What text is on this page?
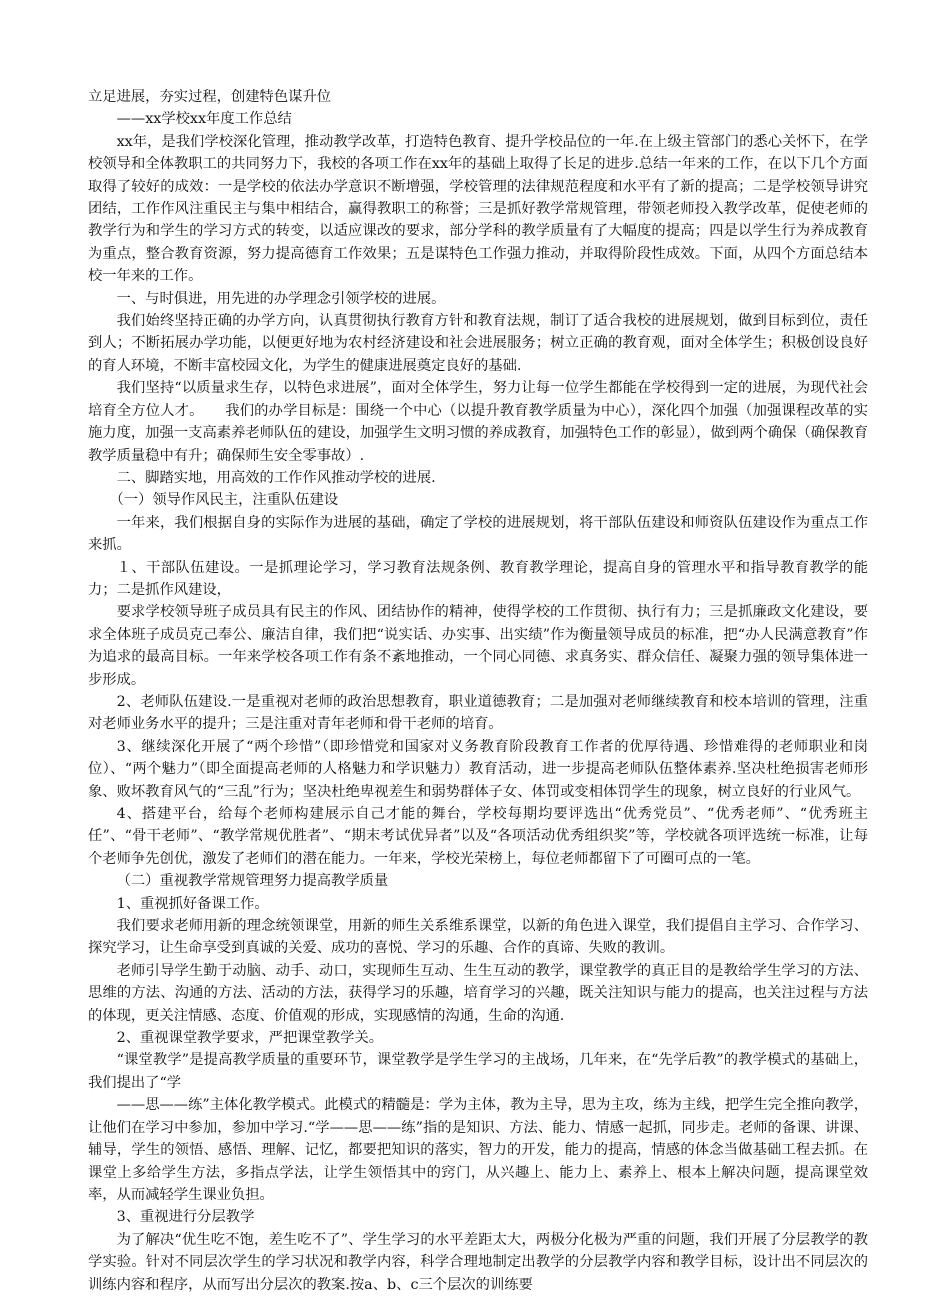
立足进展，夯实过程，创建特色谋升位

——xx学校xx年度工作总结

xx年，是我们学校深化管理，推动教学改革，打造特色教育、提升学校品位的一年.在上级主管部门的悉心关怀下，在学校领导和全体教职工的共同努力下，我校的各项工作在xx年的基础上取得了长足的进步.总结一年来的工作，在以下几个方面取得了较好的成效：一是学校的依法办学意识不断增强，学校管理的法律规范程度和水平有了新的提高；二是学校领导讲究团结，工作作风注重民主与集中相结合，赢得教职工的称誉；三是抓好教学常规管理，带领老师投入教学改革，促使老师的教学行为和学生的学习方式的转变，以适应课改的要求，部分学科的教学质量有了大幅度的提高；四是以学生行为养成教育为重点，整合教育资源，努力提高德育工作效果；五是谋特色工作强力推动，并取得阶段性成效。下面，从四个方面总结本校一年来的工作。

一、与时俱进，用先进的办学理念引领学校的进展。

我们始终坚持正确的办学方向，认真贯彻执行教育方针和教育法规，制订了适合我校的进展规划，做到目标到位，责任到人；不断拓展办学功能，以便更好地为农村经济建设和社会进展服务；树立正确的教育观，面对全体学生；积极创设良好的育人环境，不断丰富校园文化，为学生的健康进展奠定良好的基础.

我们坚持“以质量求生存，以特色求进展”，面对全体学生，努力让每一位学生都能在学校得到一定的进展，为现代社会培育全方位人才。　　我们的办学目标是：围绕一个中心（以提升教育教学质量为中心），深化四个加强（加强课程改革的实施力度，加强一支高素养老师队伍的建设，加强学生文明习惯的养成教育，加强特色工作的彰显），做到两个确保（确保教育教学质量稳中有升；确保师生安全零事故）.

二、脚踏实地，用高效的工作作风推动学校的进展.

（一）领导作风民主，注重队伍建设

一年来，我们根据自身的实际作为进展的基础，确定了学校的进展规划，将干部队伍建设和师资队伍建设作为重点工作来抓。

１、干部队伍建设。一是抓理论学习，学习教育法规条例、教育教学理论，提高自身的管理水平和指导教育教学的能力；二是抓作风建设，

要求学校领导班子成员具有民主的作风、团结协作的精神，使得学校的工作贯彻、执行有力；三是抓廉政文化建设，要求全体班子成员克己奉公、廉洁自律，我们把“说实话、办实事、出实绩”作为衡量领导成员的标准，把“办人民满意教育”作为追求的最高目标。一年来学校各项工作有条不紊地推动，一个同心同德、求真务实、群众信任、凝聚力强的领导集体进一步形成。

2、老师队伍建设.一是重视对老师的政治思想教育，职业道德教育；二是加强对老师继续教育和校本培训的管理，注重对老师业务水平的提升；三是注重对青年老师和骨干老师的培育。

3、继续深化开展了“两个珍惜”（即珍惜党和国家对义务教育阶段教育工作者的优厚待遇、珍惜难得的老师职业和岗位）、“两个魅力”（即全面提高老师的人格魅力和学识魅力）教育活动，进一步提高老师队伍整体素养.坚决杜绝损害老师形象、败坏教育风气的“三乱”行为；坚决杜绝卑视差生和弱势群体子女、体罚或变相体罚学生的现象，树立良好的行业风气。

4、搭建平台，给每个老师构建展示自己才能的舞台，学校每期均要评选出“优秀党员”、“优秀老师”、“优秀班主任”、“骨干老师”、“教学常规优胜者”、“期末考试优异者”以及“各项活动优秀组织奖”等，学校就各项评选统一标准，让每个老师争先创优，激发了老师们的潜在能力。一年来，学校光荣榜上，每位老师都留下了可圈可点的一笔。

（二）重视教学常规管理努力提高教学质量

1、重视抓好备课工作。

我们要求老师用新的理念统领课堂，用新的师生关系维系课堂，以新的角色进入课堂，我们提倡自主学习、合作学习、探究学习，让生命享受到真诚的关爱、成功的喜悦、学习的乐趣、合作的真谛、失败的教训。

老师引导学生勤于动脑、动手、动口，实现师生互动、生生互动的教学，课堂教学的真正目的是教给学生学习的方法、思维的方法、沟通的方法、活动的方法，获得学习的乐趣，培育学习的兴趣，既关注知识与能力的提高，也关注过程与方法的体现，更关注情感、态度、价值观的形成，实现感情的沟通，生命的沟通.

2、重视课堂教学要求，严把课堂教学关。

“课堂教学”是提高教学质量的重要环节，课堂教学是学生学习的主战场，几年来，在“先学后教”的教学模式的基础上，我们提出了“学

——思——练”主体化教学模式。此模式的精髓是：学为主体，教为主导，思为主攻，练为主线，把学生完全推向教学，让他们在学习中参加，参加中学习.“学——思——练”指的是知识、方法、能力、情感一起抓，同步走。老师的备课、讲课、辅导，学生的领悟、感悟、理解、记忆，都要把知识的落实，智力的开发，能力的提高，情感的体念当做基础工程去抓。在课堂上多给学生方法，多指点学法，让学生领悟其中的窍门，从兴趣上、能力上、素养上、根本上解决问题，提高课堂效率，从而减轻学生课业负担。

3、重视进行分层教学

为了解决“优生吃不饱，差生吃不了”、学生学习的水平差距太大，两极分化极为严重的问题，我们开展了分层教学的教学实验。针对不同层次学生的学习状况和教学内容，科学合理地制定出教学的分层教学内容和教学目标，设计出不同层次的训练内容和程序，从而写出分层次的教案.按a、b、c三个层次的训练要
